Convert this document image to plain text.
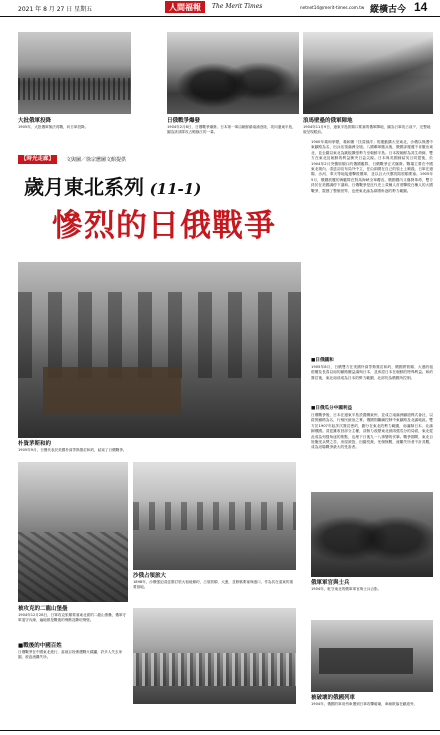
2021 年 8 月 27 日 星期五	人間福報	The Merit Times	netnet14@merit-times.com.tw 縱橫古今 14
大批俄軍投降
1905年，大批俄軍無法再戰，向日軍投降。
日俄戰爭爆發
1904年2月8日，日俄戰爭爆發。日本第一軍由朝鮮鎮南浦登陸，攻向遼東半島，圖為該部隊攻占鴨綠江的一幕。
浪馬壁壘的俄軍陣地
1904年11月9日，遼東半島旅順口要塞的俄軍陣地，圖為日軍攻占前夕，完整地貌呈現眼前。
【時光走廊】	文與圖／徐宗懋圖文館提供
歲月東北系列 (11-1)
慘烈的日俄戰爭
1900年義和拳變，義和團「扶清滅洋」的運動擴大至東北，沙俄以保護中東鐵路為名，出兵佔領滿洲全境。八國聯軍撤兵後，俄國卻遲遲不肯撤出東北，並企圖以東北為跳板擴張勢力至朝鮮半島。日本視朝鮮為其生命線，雙方在東北及朝鮮的利益衝突日益尖銳。日本與英國締結英日同盟後，於1904年2月突襲旅順口的俄國艦隊，日俄戰爭正式爆發。戰場主要在中國東北境內，清廷卻宣布局外中立，任由兩國在自己的領土上廝殺。日軍在遼陽、沙河、奉天等地接連擊敗俄軍，並以巨大代價攻陷旅順要塞。1905年5月，俄國波羅的海艦隊在對馬海峽全軍覆沒，俄國國內又爆發革命，雙方終於在美國調停下議和。日俄戰爭是近代史上黃種人首度擊敗白種人的大國戰爭，震撼了整個世界，也使東北淪為兩國角逐的勢力範圍。
朴資茅斯和約
1905年9月，日俄代表於美國朴資茅斯簽訂和約，結束了日俄戰爭。
■日俄議和
1905年8月，日俄雙方在美國朴資茅斯簽訂和約，俄國將旅順、大連的租借權及長春以南的鐵路權益讓與日本，並承認日本在朝鮮的特殊利益。和約簽訂後，東北南部成為日本的勢力範圍，北部仍為俄國所控制。
■日俄瓜分中國利益
日俄戰爭後，日本在遼東半島設置關東州，並成立南滿洲鐵道株式會社，以經營鐵路為名，行殖民統治之實。俄國則繼續控制中東鐵路及北滿地區。雙方於1907年起多次簽訂密約，劃分在東北的勢力範圍，南滿歸日本，北滿歸俄國。清廷雖收回部分主權，卻無力改變東北被兩強瓜分的局面，東北從此成為列強角逐的焦點，也埋下日後九一八事變的伏筆。戰爭期間，東北百姓飽受兵燹之苦，房屋被毀，田園荒蕪，死傷無數，流離失所者不計其數，成為這場戰爭最大的受害者。
被攻克的二龍山堡壘
1904年12月28日，日軍攻克旅順要塞東北面的二龍山堡壘，俄軍守軍退守內線，遍地都是戰後的殘骸及斷垣殘壁。
沙俄占領旅大
1898年，沙俄強迫清廷簽訂旅大租地條約，占領旅順、大連，並修築要塞與港口，作為其在遠東的重要基地。
俄軍軍官與士兵
1904年，駐守東北的俄軍軍官與士兵合影。
■戰後的中國百姓
日俄戰爭在中國東北進行，當地百姓慘遭戰火蹂躪，許多人失去家園，被迫流離失所。
被破壞的俄國列車
1904年，俄國的軍用列車遭到日軍攻擊破壞，車廂散落在鐵道旁。
